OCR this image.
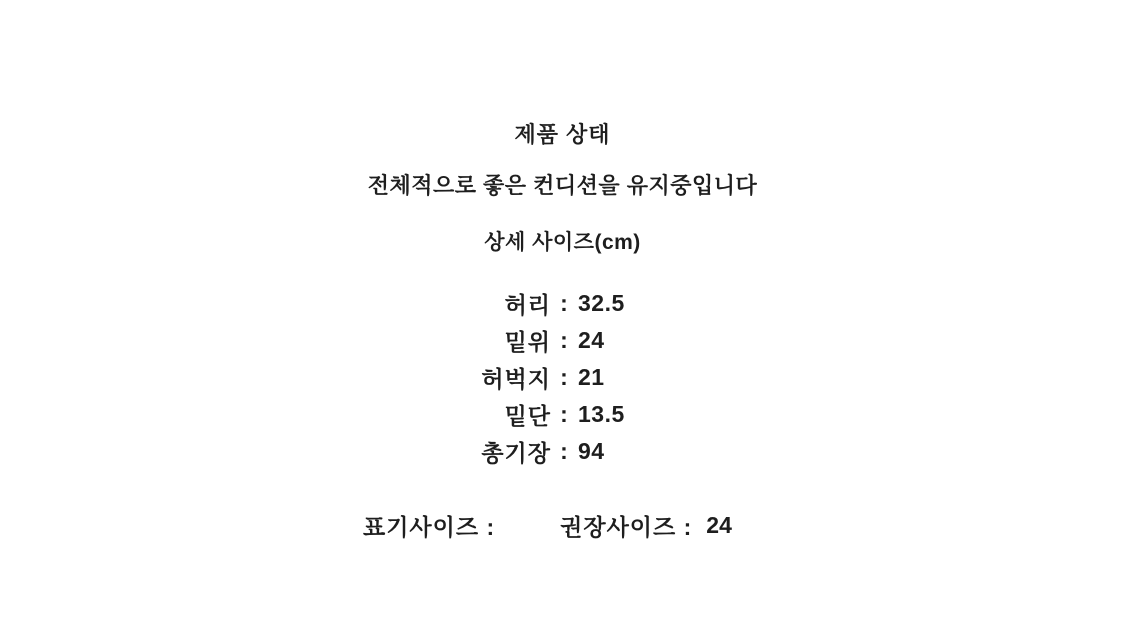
제품 상태
전체적으로 좋은 컨디션을 유지중입니다
상세 사이즈(cm)
허리 : 32.5
밑위 : 24
허벅지 : 21
밑단 : 13.5
총기장 : 94
표기사이즈 :	권장사이즈 : 24
